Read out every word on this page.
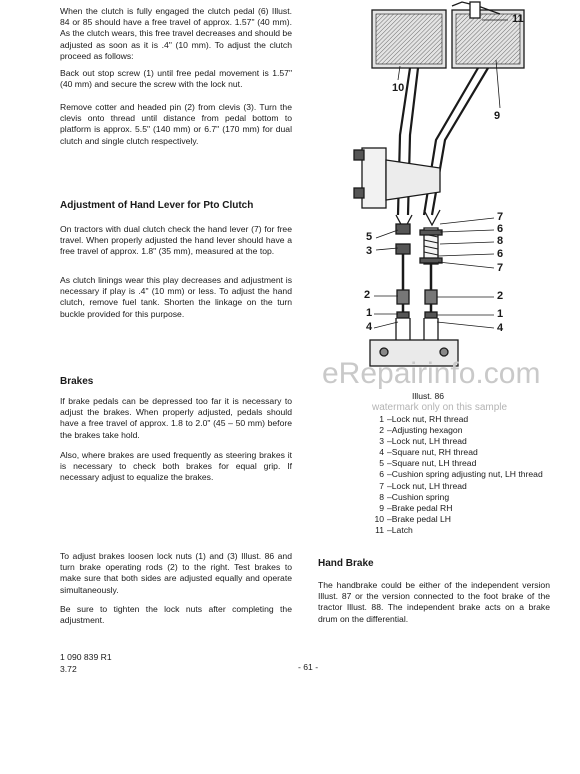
When the clutch is fully engaged the clutch pedal (6) Illust. 84 or 85 should have a free travel of approx. 1.57" (40 mm). As the clutch wears, this free travel decreases and should be adjusted as soon as it is .4" (10 mm). To adjust the clutch proceed as follows:
Back out stop screw (1) until free pedal movement is 1.57" (40 mm) and secure the screw with the lock nut.
Remove cotter and headed pin (2) from clevis (3). Turn the clevis onto thread until distance from pedal bottom to platform is approx. 5.5" (140 mm) or 6.7" (170 mm) for dual clutch and single clutch respectively.
Adjustment of Hand Lever for Pto Clutch
On tractors with dual clutch check the hand lever (7) for free travel. When properly adjusted the hand lever should have a free travel of approx. 1.8" (35 mm), measured at the top.
As clutch linings wear this play decreases and adjustment is necessary if play is .4" (10 mm) or less. To adjust the hand clutch, remove fuel tank. Shorten the linkage on the turn buckle provided for this purpose.
Brakes
If brake pedals can be depressed too far it is necessary to adjust the brakes. When properly adjusted, pedals should have a free travel of approx. 1.8 to 2.0" (45 – 50 mm) before the brakes take hold.
Also, where brakes are used frequently as steering brakes it is necessary to check both brakes for equal grip. If necessary adjust to equalize the brakes.
To adjust brakes loosen lock nuts (1) and (3) Illust. 86 and turn brake operating rods (2) to the right. Test brakes to make sure that both sides are adjusted equally and operate simultaneously.
Be sure to tighten the lock nuts after completing the adjustment.
11
10
9
7
6
8
6
7
5
3
2	2
1	1
4	4
eRepairinfo.com
watermark only on this sample
Illust. 86
1 – Lock nut, RH thread
2 – Adjusting hexagon
3 – Lock nut, LH thread
4 – Square nut, RH thread
5 – Square nut, LH thread
6 – Cushion spring adjusting nut, LH thread
7 – Lock nut, LH thread
8 – Cushion spring
9 – Brake pedal RH
10 – Brake pedal LH
11 – Latch
Hand Brake
The handbrake could be either of the independent version Illust. 87 or the version connected to the foot brake of the tractor Illust. 88. The independent brake acts on a brake drum on the differential.
1 090 839 R1
3.72	- 61 -
